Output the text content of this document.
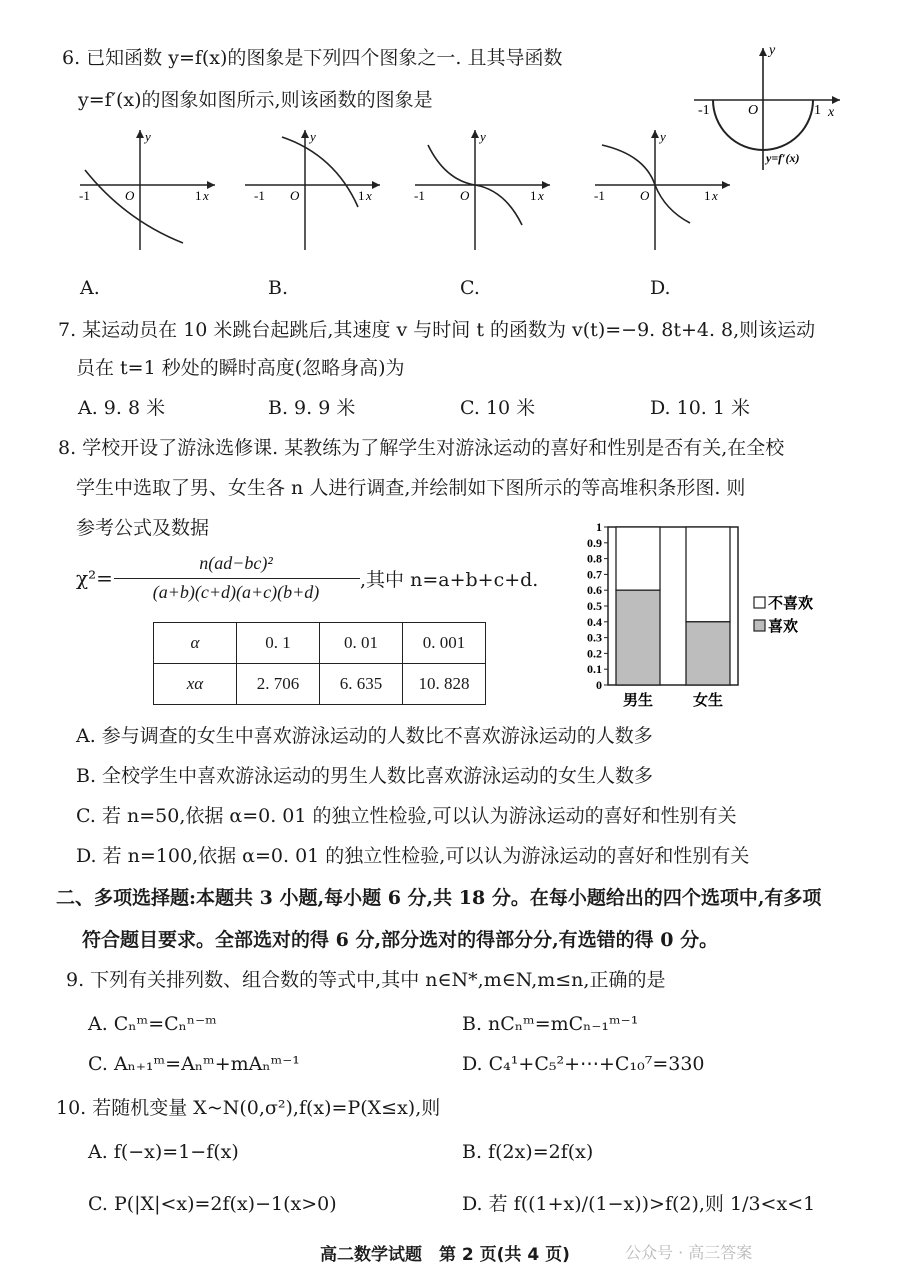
6. 已知函数 y=f(x)的图象是下列四个图象之一. 且其导函数
y=f′(x)的图象如图所示,则该函数的图象是
y
x
O
-1	1
y=f′(x)
y
-1	O	1 x
y
-1 O	1 x
y
-1	O	1 x
y
-1	O	1 x
A.	B.	C.	D.
7. 某运动员在 10 米跳台起跳后,其速度 v 与时间 t 的函数为 v(t)=−9. 8t+4. 8,则该运动
员在 t=1 秒处的瞬时高度(忽略身高)为
A. 9. 8 米	B. 9. 9 米	C. 10 米	D. 10. 1 米
8. 学校开设了游泳选修课. 某教练为了解学生对游泳运动的喜好和性别是否有关,在全校
学生中选取了男、女生各 n 人进行调查,并绘制如下图所示的等高堆积条形图. 则
参考公式及数据
χ²=
n(ad−bc)²
(a+b)(c+d)(a+c)(b+d)
,其中 n=a+b+c+d.
α	0. 1	0. 01	0. 001
xα	2. 706	6. 635	10. 828	0
0.1
0.2
0.3
0.4
0.5
0.6
0.7
0.8
0.9
1
男生	女生
不喜欢
喜欢
A. 参与调查的女生中喜欢游泳运动的人数比不喜欢游泳运动的人数多
B. 全校学生中喜欢游泳运动的男生人数比喜欢游泳运动的女生人数多
C. 若 n=50,依据 α=0. 01 的独立性检验,可以认为游泳运动的喜好和性别有关
D. 若 n=100,依据 α=0. 01 的独立性检验,可以认为游泳运动的喜好和性别有关
二、多项选择题:本题共 3 小题,每小题 6 分,共 18 分。在每小题给出的四个选项中,有多项
符合题目要求。全部选对的得 6 分,部分选对的得部分分,有选错的得 0 分。
9. 下列有关排列数、组合数的等式中,其中 n∈N*,m∈N,m≤n,正确的是
A. Cₙᵐ=Cₙⁿ⁻ᵐ	B. nCₙᵐ=mCₙ₋₁ᵐ⁻¹
C. Aₙ₊₁ᵐ=Aₙᵐ+mAₙᵐ⁻¹	D. C₄¹+C₅²+⋯+C₁₀⁷=330
10. 若随机变量 X~N(0,σ²),f(x)=P(X≤x),则
A. f(−x)=1−f(x)	B. f(2x)=2f(x)
C. P(|X|<x)=2f(x)−1(x>0)	D. 若 f((1+x)/(1−x))>f(2),则 1/3<x<1
高二数学试题　第 2 页(共 4 页)	公众号 · 高三答案
